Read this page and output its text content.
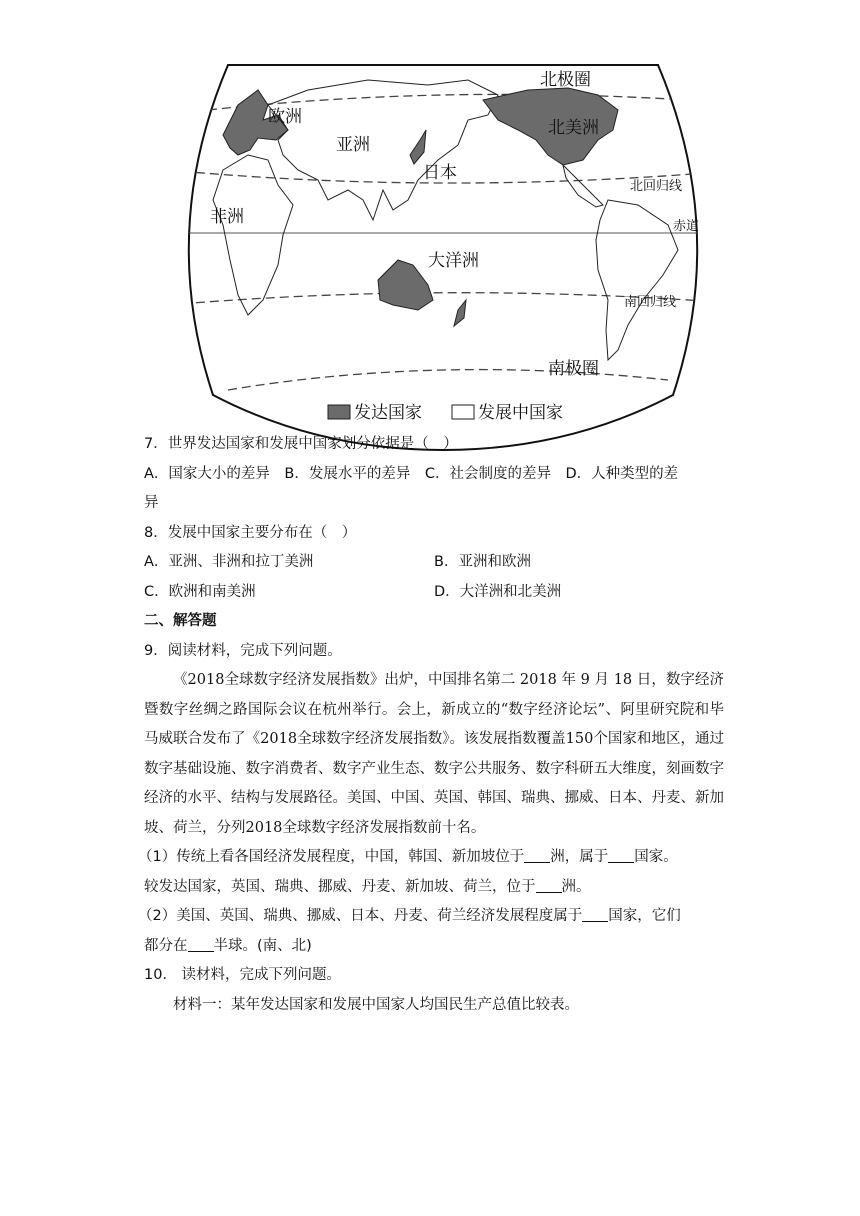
北极圈
欧洲
亚洲
日本
北美洲
北回归线
非洲	赤道
大洋洲
南回归线
南极圈
发达国家	发展中国家
7．世界发达国家和发展中国家划分依据是（　）
A．国家大小的差异　B．发展水平的差异　C．社会制度的差异　D．人种类型的差
异
8．发展中国家主要分布在（　）
A．亚洲、非洲和拉丁美洲	B．亚洲和欧洲
C．欧洲和南美洲	D．大洋洲和北美洲
二、解答题
9．阅读材料，完成下列问题。
《2018全球数字经济发展指数》出炉，中国排名第二 2018 年 9 月 18 日，数字经济暨数字丝绸之路国际会议在杭州举行。会上，新成立的“数字经济论坛”、阿里研究院和毕马威联合发布了《2018全球数字经济发展指数》。该发展指数覆盖150个国家和地区，通过数字基础设施、数字消费者、数字产业生态、数字公共服务、数字科研五大维度，刻画数字经济的水平、结构与发展路径。美国、中国、英国、韩国、瑞典、挪威、日本、丹麦、新加坡、荷兰，分列2018全球数字经济发展指数前十名。
（1）传统上看各国经济发展程度，中国，韩国、新加坡位于 洲，属于 国家。
较发达国家，英国、瑞典、挪威、丹麦、新加坡、荷兰，位于 洲。
（2）美国、英国、瑞典、挪威、日本、丹麦、荷兰经济发展程度属于 国家，它们
都分在 半球。(南、北)
10． 读材料，完成下列问题。
材料一：某年发达国家和发展中国家人均国民生产总值比较表。
